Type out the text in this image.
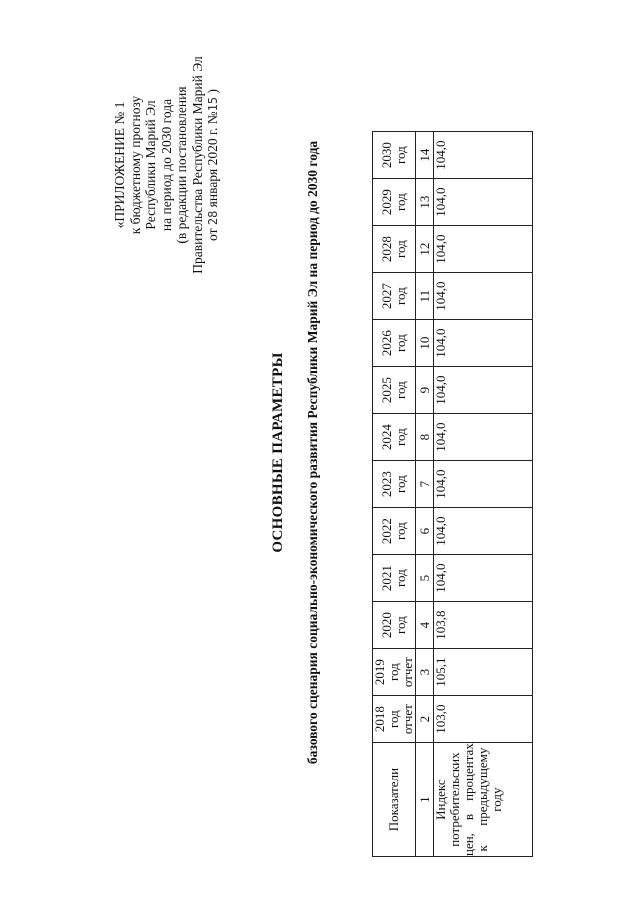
«ПРИЛОЖЕНИЕ № 1 к бюджетному прогнозу Республики Марий Эл на период до 2030 года (в редакции постановления Правительства Республики Марий Эл от 28 января 2020 г. №15 )
ОСНОВНЫЕ ПАРАМЕТРЫ базового сценария социально-экономического развития Республики Марий Эл на период до 2030 года
Показатели	2018 год отчет	2019 год отчет	2020 год	2021 год	2022 год	2023 год	2024 год	2025 год	2026 год	2027 год	2028 год	2029 год	2030 год

1	2	3	4	5	6	7	8	9	10	11	12	13	14

Индекс потребительских цен,    в    процентах к      предыдущему году	103,0	105,1	103,8	104,0	104,0	104,0	104,0	104,0	104,0	104,0	104,0	104,0	104,0
